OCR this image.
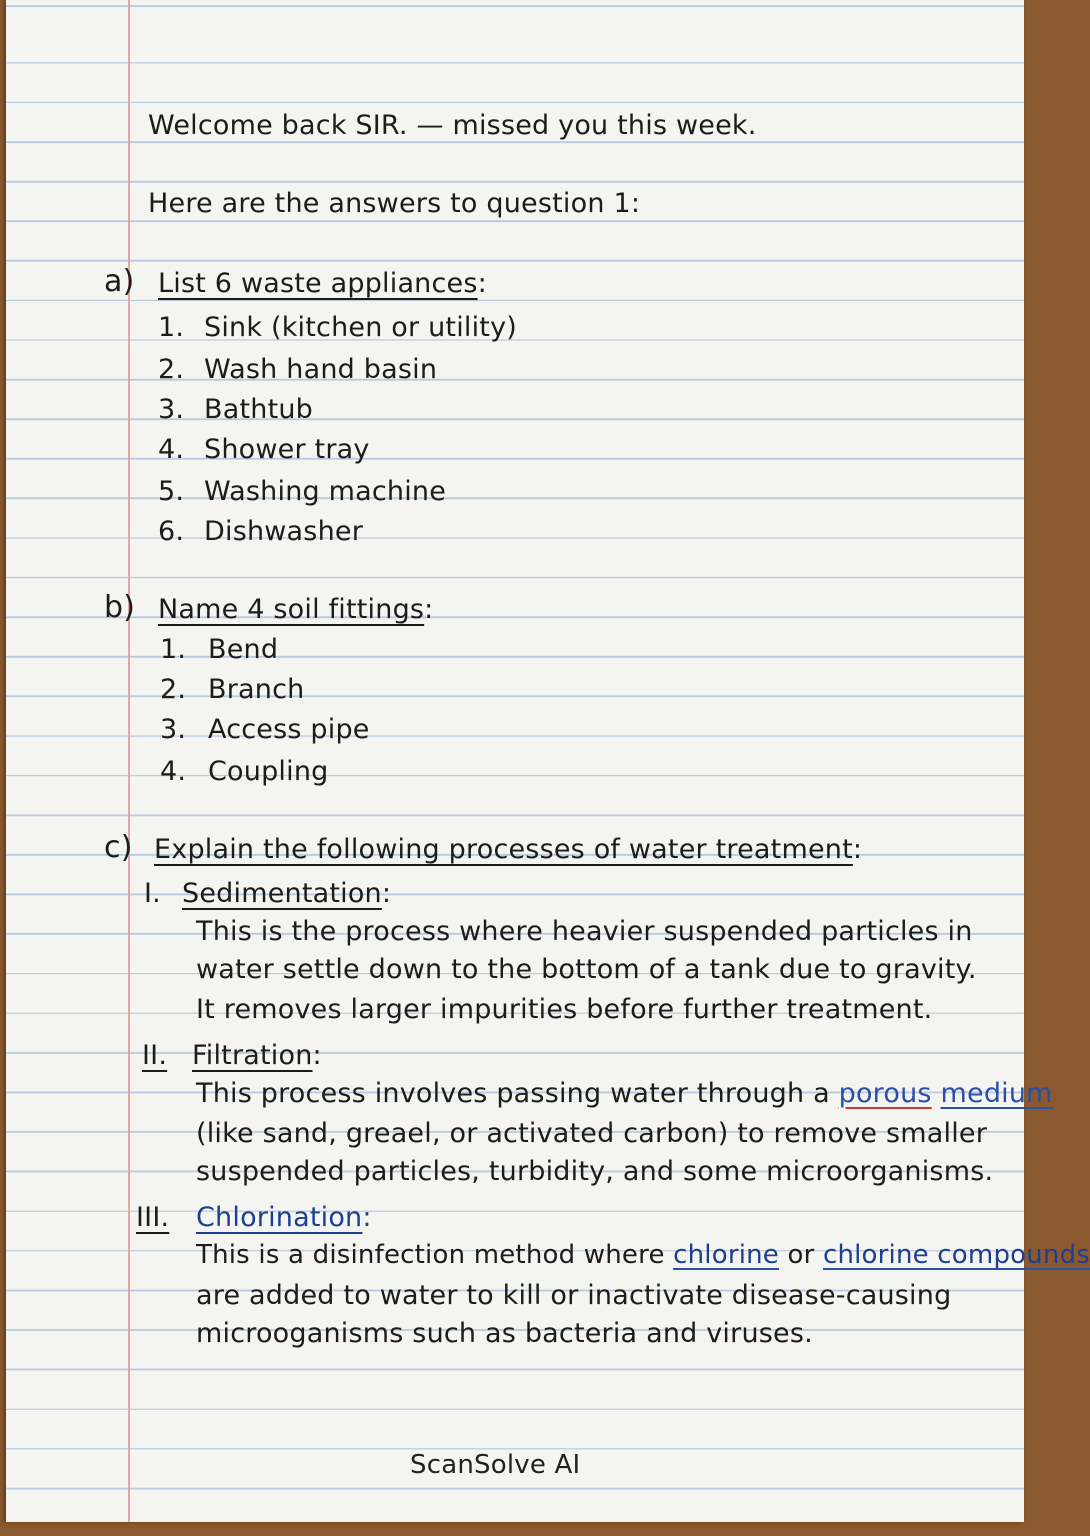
Welcome back SIR. — missed you this week.

Here are the answers to question 1:

a) List 6 waste appliances:

1. Sink (kitchen or utility)

2. Wash hand basin

3. Bathtub

4. Shower tray

5. Washing machine

6. Dishwasher

b) Name 4 soil fittings:

1. Bend

2. Branch

3. Access pipe

4. Coupling

c) Explain the following processes of water treatment:

I. Sedimentation:

This is the process where heavier suspended particles in

water settle down to the bottom of a tank due to gravity.

It removes larger impurities before further treatment.

II. Filtration:

This process involves passing water through a porous medium

(like sand, greael, or activated carbon) to remove smaller

suspended particles, turbidity, and some microorganisms.

III. Chlorination:

This is a disinfection method where chlorine or chlorine compounds

are added to water to kill or inactivate disease-causing

microoganisms such as bacteria and viruses.

ScanSolve AI
